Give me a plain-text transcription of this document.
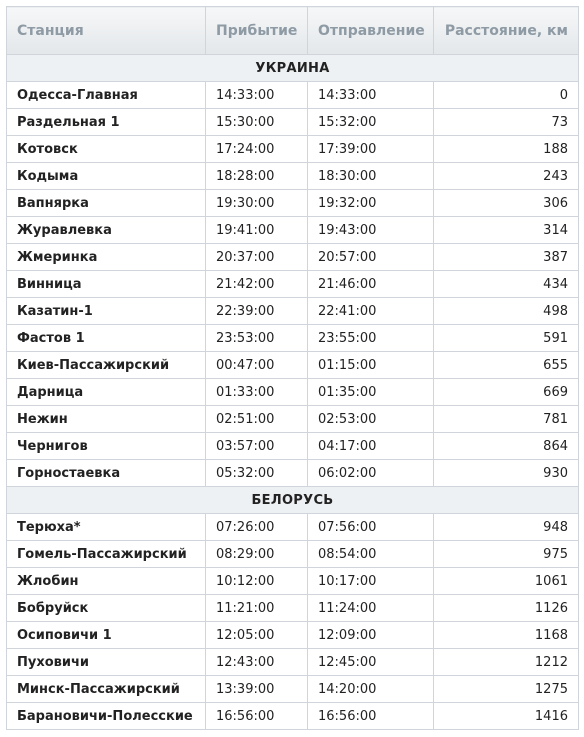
Станция	Прибытие	Отправление	Расстояние, км
УКРАИНА			
Одесса-Главная	14:33:00	14:33:00	0
Раздельная 1	15:30:00	15:32:00	73
Котовск	17:24:00	17:39:00	188
Кодыма	18:28:00	18:30:00	243
Вапнярка	19:30:00	19:32:00	306
Журавлевка	19:41:00	19:43:00	314
Жмеринка	20:37:00	20:57:00	387
Винница	21:42:00	21:46:00	434
Казатин-1	22:39:00	22:41:00	498
Фастов 1	23:53:00	23:55:00	591
Киев-Пассажирский	00:47:00	01:15:00	655
Дарница	01:33:00	01:35:00	669
Нежин	02:51:00	02:53:00	781
Чернигов	03:57:00	04:17:00	864
Горностаевка	05:32:00	06:02:00	930
БЕЛОРУСЬ			
Терюха*	07:26:00	07:56:00	948
Гомель-Пассажирский	08:29:00	08:54:00	975
Жлобин	10:12:00	10:17:00	1061
Бобруйск	11:21:00	11:24:00	1126
Осиповичи 1	12:05:00	12:09:00	1168
Пуховичи	12:43:00	12:45:00	1212
Минск-Пассажирский	13:39:00	14:20:00	1275
Барановичи-Полесские	16:56:00	16:56:00	1416
